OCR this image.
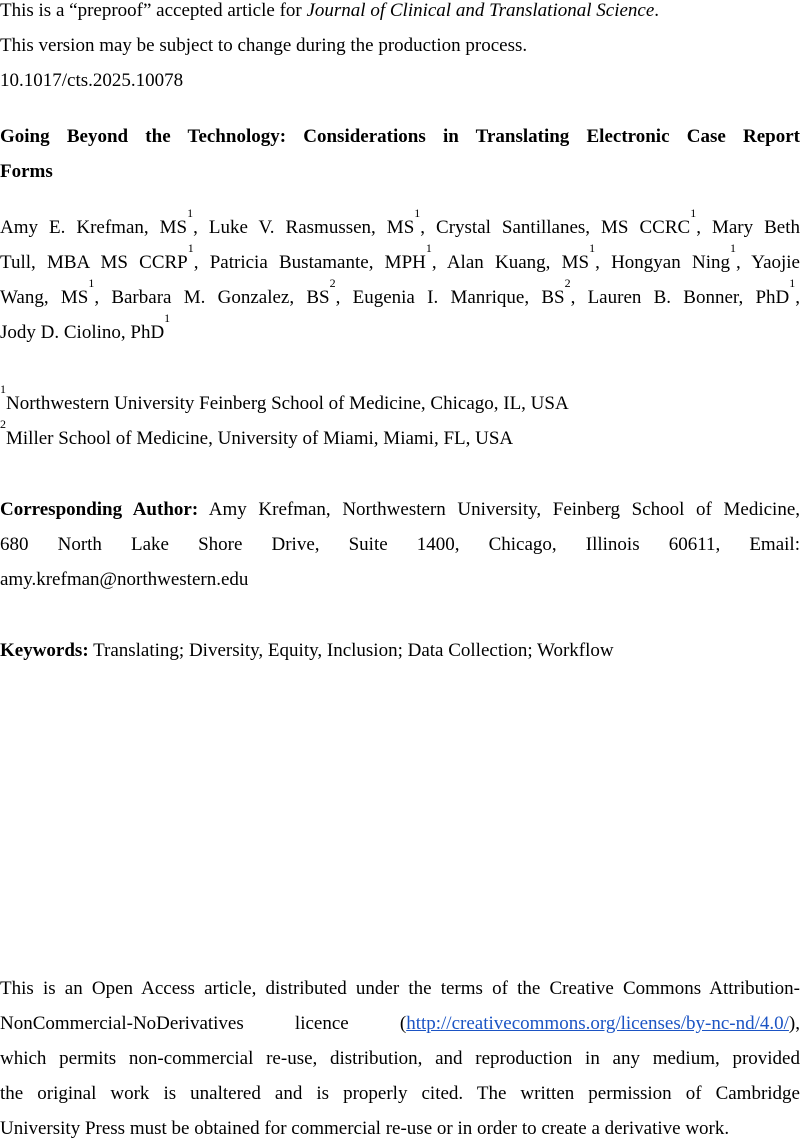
This is a “preproof” accepted article for Journal of Clinical and Translational Science.
This version may be subject to change during the production process.
10.1017/cts.2025.10078
Going Beyond the Technology: Considerations in Translating Electronic Case Report
Forms
Amy E. Krefman, $MS^1$, Luke V. Rasmussen, $MS^1$, Crystal Santillanes, MS CCRC$^1$, Mary Beth
Tull, MBA MS CCRP$^1$, Patricia Bustamante, MPH$^1$, Alan Kuang, $MS^1$, Hongyan Ning$^1$, Yaojie
Wang, $MS^1$, Barbara M. Gonzalez, $BS^2$, Eugenia I. Manrique, $BS^2$, Lauren B. Bonner, PhD$^1$,
Jody D. Ciolino, PhD$^1$
$^1$Northwestern University Feinberg School of Medicine, Chicago, IL, USA
$^2$Miller School of Medicine, University of Miami, Miami, FL, USA
Corresponding Author: Amy Krefman, Northwestern University, Feinberg School of Medicine,
680 North Lake Shore Drive, Suite 1400, Chicago, Illinois 60611, Email:
amy.krefman@northwestern.edu
Keywords: Translating; Diversity, Equity, Inclusion; Data Collection; Workflow
This is an Open Access article, distributed under the terms of the Creative Commons Attribution-
NonCommercial-NoDerivatives licence (http://creativecommons.org/licenses/by-nc-nd/4.0/),
which permits non-commercial re-use, distribution, and reproduction in any medium, provided
the original work is unaltered and is properly cited. The written permission of Cambridge
University Press must be obtained for commercial re-use or in order to create a derivative work.
